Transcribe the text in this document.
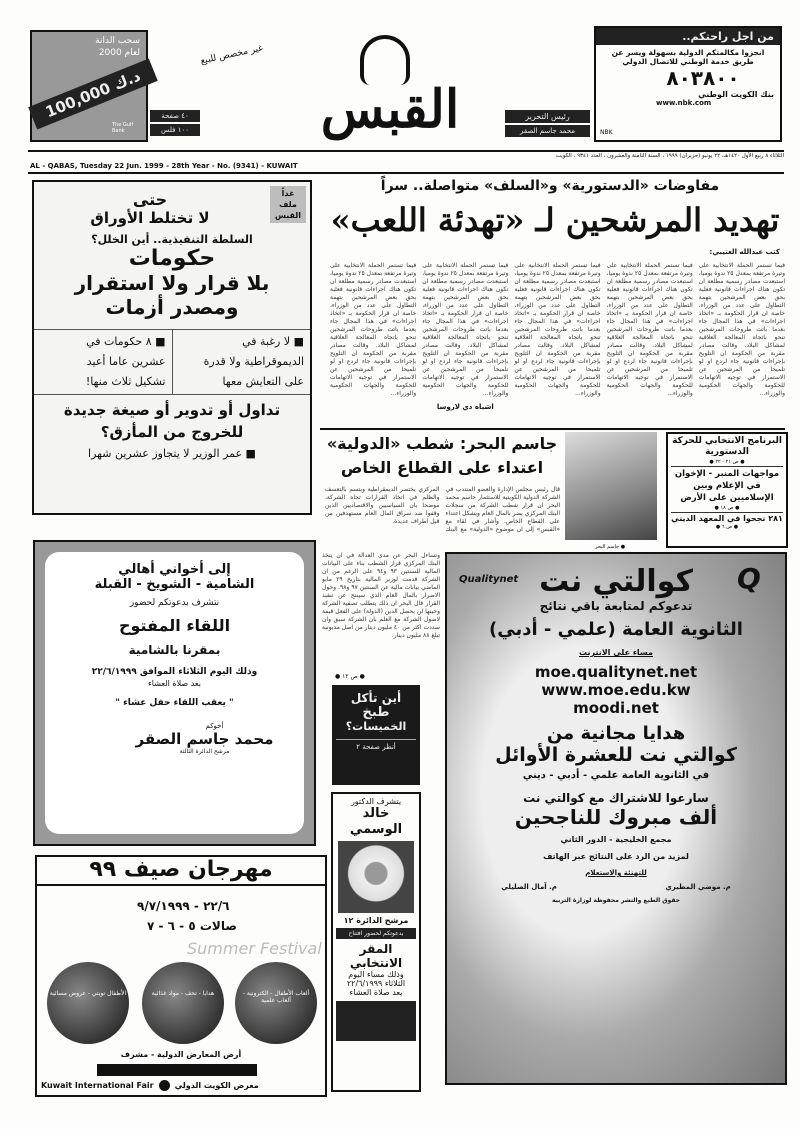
سحب الدانة
لعام 2000
100,000 د.ك
The Gulf Bank
غير مخصص للبيع
القبس
٤٠ صفحة
١٠٠ فلس
رئيس التحرير
محمد جاسم الصقر
من اجل راحتكم..
انجزوا مكالمتكم الدولية بسهولة ويسر عن
طريق خدمة الوطني للاتصال الدولي
٨٠٣٨٠٠
بنك الكويت الوطني
www.nbk.com
NBK
الثلاثاء ٨ ربيع الأول ١٤٢٠هـ، ٢٢ يونيو (حزيران) ١٩٩٩ ، السنة الثامنة والعشرون ، العدد ٩٣٤١ ، الكويت
AL - QABAS, Tuesday 22 Jun. 1999 - 28th Year - No. (9341) - KUWAIT
مفاوضات «الدستورية» و«السلف» متواصلة.. سراً
تهديد المرشحين لـ «تهدئة اللعب»
كتب عبدالله العتيبي:
فيما تستمر الحملة الانتخابية على وتيرة مرتفعة بمعدل ٢٥ ندوة يوميا، استبعدت مصادر رسمية مطلعة ان تكون هناك اجراءات قانونية فعلية بحق بعض المرشحين بتهمة التطاول على عدد من الوزراء، خاصة ان قرار الحكومة بـ «اتخاذ اجراءات» في هذا المجال جاء بعدما باتت طروحات المرشحين تنحو باتجاه المعالجة العلاقية لمشاكل البلاد. وقالت مصادر مقربة من الحكومة ان التلويح بإجراءات قانونية جاء لردع او لو تلميحا من المرشحين عن الاستمرار في توجيه الاتهامات للحكومة والجهات الحكومية والوزراء...
فيما تستمر الحملة الانتخابية على وتيرة مرتفعة بمعدل ٢٥ ندوة يوميا، استبعدت مصادر رسمية مطلعة ان تكون هناك اجراءات قانونية فعلية بحق بعض المرشحين بتهمة التطاول على عدد من الوزراء، خاصة ان قرار الحكومة بـ «اتخاذ اجراءات» في هذا المجال جاء بعدما باتت طروحات المرشحين تنحو باتجاه المعالجة العلاقية لمشاكل البلاد. وقالت مصادر مقربة من الحكومة ان التلويح بإجراءات قانونية جاء لردع او لو تلميحا من المرشحين عن الاستمرار في توجيه الاتهامات للحكومة والجهات الحكومية والوزراء...
فيما تستمر الحملة الانتخابية على وتيرة مرتفعة بمعدل ٢٥ ندوة يوميا، استبعدت مصادر رسمية مطلعة ان تكون هناك اجراءات قانونية فعلية بحق بعض المرشحين بتهمة التطاول على عدد من الوزراء، خاصة ان قرار الحكومة بـ «اتخاذ اجراءات» في هذا المجال جاء بعدما باتت طروحات المرشحين تنحو باتجاه المعالجة العلاقية لمشاكل البلاد. وقالت مصادر مقربة من الحكومة ان التلويح بإجراءات قانونية جاء لردع او لو تلميحا من المرشحين عن الاستمرار في توجيه الاتهامات للحكومة والجهات الحكومية والوزراء...
فيما تستمر الحملة الانتخابية على وتيرة مرتفعة بمعدل ٢٥ ندوة يوميا، استبعدت مصادر رسمية مطلعة ان تكون هناك اجراءات قانونية فعلية بحق بعض المرشحين بتهمة التطاول على عدد من الوزراء، خاصة ان قرار الحكومة بـ «اتخاذ اجراءات» في هذا المجال جاء بعدما باتت طروحات المرشحين تنحو باتجاه المعالجة العلاقية لمشاكل البلاد. وقالت مصادر مقربة من الحكومة ان التلويح بإجراءات قانونية جاء لردع او لو تلميحا من المرشحين عن الاستمرار في توجيه الاتهامات للحكومة والجهات الحكومية والوزراء...
اشباه دي لاروسا
فيما تستمر الحملة الانتخابية على وتيرة مرتفعة بمعدل ٢٥ ندوة يوميا، استبعدت مصادر رسمية مطلعة ان تكون هناك اجراءات قانونية فعلية بحق بعض المرشحين بتهمة التطاول على عدد من الوزراء، خاصة ان قرار الحكومة بـ «اتخاذ اجراءات» في هذا المجال جاء بعدما باتت طروحات المرشحين تنحو باتجاه المعالجة العلاقية لمشاكل البلاد. وقالت مصادر مقربة من الحكومة ان التلويح بإجراءات قانونية جاء لردع او لو تلميحا من المرشحين عن الاستمرار في توجيه الاتهامات للحكومة والجهات الحكومية والوزراء...
غداً ملف القبس
حتى
لا تختلط الأوراق
السلطة التنفيذية.. أين الخلل؟
حكومات
بلا قرار ولا استقرار
ومصدر أزمات
■ لا رغبة في
الديموقراطية ولا قدرة
على التعايش معها
■ ٨ حكومات في
عشرين عاما أعيد
تشكيل ثلاث منها!
تداول أو تدوير أو صيغة جديدة للخروج من المأزق؟
■ عمر الوزير لا يتجاوز عشرين شهرا
جاسم البحر: شطب «الدولية»
اعتداء على القطاع الخاص
● جاسم البحر
قال رئيس مجلس الإدارة والعضو المنتدب في الشركة الدولية الكويتية للاستثمار جاسم محمد البحر ان قرار شطب الشركة من سجلات البنك المركزي يضر بالمال العام ويشكل اعتداء على القطاع الخاص. وأشار في لقاء مع «القبس» إلى ان موضوع «الدولية» مع البنك المركزي يختصر الديمقراطية ويتسم بالتعسف والظلم في اتخاذ القرارات تجاه الشركة، موضحا بان السياسيين والاقتصاديين الذين وقفوا ضد سراق المال العام مستهدفين من قبل اطراف عديدة.
وتساءل البحر عن مدى العدالة في ان يتخذ البنك المركزي قرار الشطب بناء على البيانات المالية للسنتين ٩٣ و٩٤ على الرغم من ان الشركة قدمت لوزير المالية بتاريخ ٢٩ مايو الماضي بيانات مالية عن السنتين ٩٧ و٩٨. وحول الاضرار بالمال العام الذي سينتج عن تنفيذ القرار قال البحر ان ذلك يتطلب تصفية الشركة وحينها لن يحصل الدين (الدولة) على الفعل قيمة لاصول الشركة مع العلم بان الشركة سبق وان سددت اكثر من ٤٠ مليون دينار من اصل مديونية تبلغ ٨٨ مليون دينار.
● ص ١٢ ●
البرنامج الانتخابي للحركة الدستورية
● ص ٢١ - ٢٢ ●
مواجهات المنبر - الإخوان في الإعلام وبين الإسلاميين على الأرض
● ص ١٨ ●
٢٨١ نجحوا في المعهد الديني
● ص ٦ ●
أين تأكل
طبخ
الخميسات؟
أنظر صفحة ٢
يتشرف الدكتور
خالد الوسمي
مرشح الدائرة ١٢
بدعوتكم لحضور افتتاح
المقر الانتخابي
وذلك مساء اليوم
الثلاثاء ٢٢/٦/١٩٩٩
بعد صلاة العشاء
Qualitynet	Q
كوالتي نت
تدعوكم لمتابعة باقي نتائج
الثانوية العامة (علمي - أدبي)
مساء على الانترنت
moe.qualitynet.net
www.moe.edu.kw
moodi.net
هدايا مجانية من
كوالتي نت للعشرة الأوائل
في الثانوية العامة علمي - أدبي - ديني
سارعوا للاشتراك مع كوالتي نت
ألف مبروك للناجحين
مجمع الخليجية - الدور الثاني
لمزيد من الرد على النتائج عبر الهاتف
للتهنئة والاستعلام
م. موضي المطيري
م. آمال الصليلي
حقوق الطبع والنشر محفوظة لوزارة التربية
إلى أخواني أهالي
الشامية - الشويخ - القبلة
نتشرف بدعوتكم لحضور
اللقاء المفتوح
بمقرنا بالشامية
وذلك اليوم الثلاثاء الموافق ٢٢/٦/١٩٩٩
بعد صلاة العشاء
" يعقب اللقاء حفل عشاء "
أخوكم
محمد جاسم الصقر
مرشح الدائرة الثالثة
مهرجان صيف ٩٩
٢٢/٦ - ٩/٧/١٩٩٩
صالات ٥ - ٦ - ٧
Summer Festival
الأطفال تويتي - عروض مسائية	هدايا - تحف - مواد غذائية	ألعاب الأطفال - الكترونية - ألعاب علمية
أرض المعارض الدولية - مشرف
Kuwait International Fair	معرض الكويت الدولي
